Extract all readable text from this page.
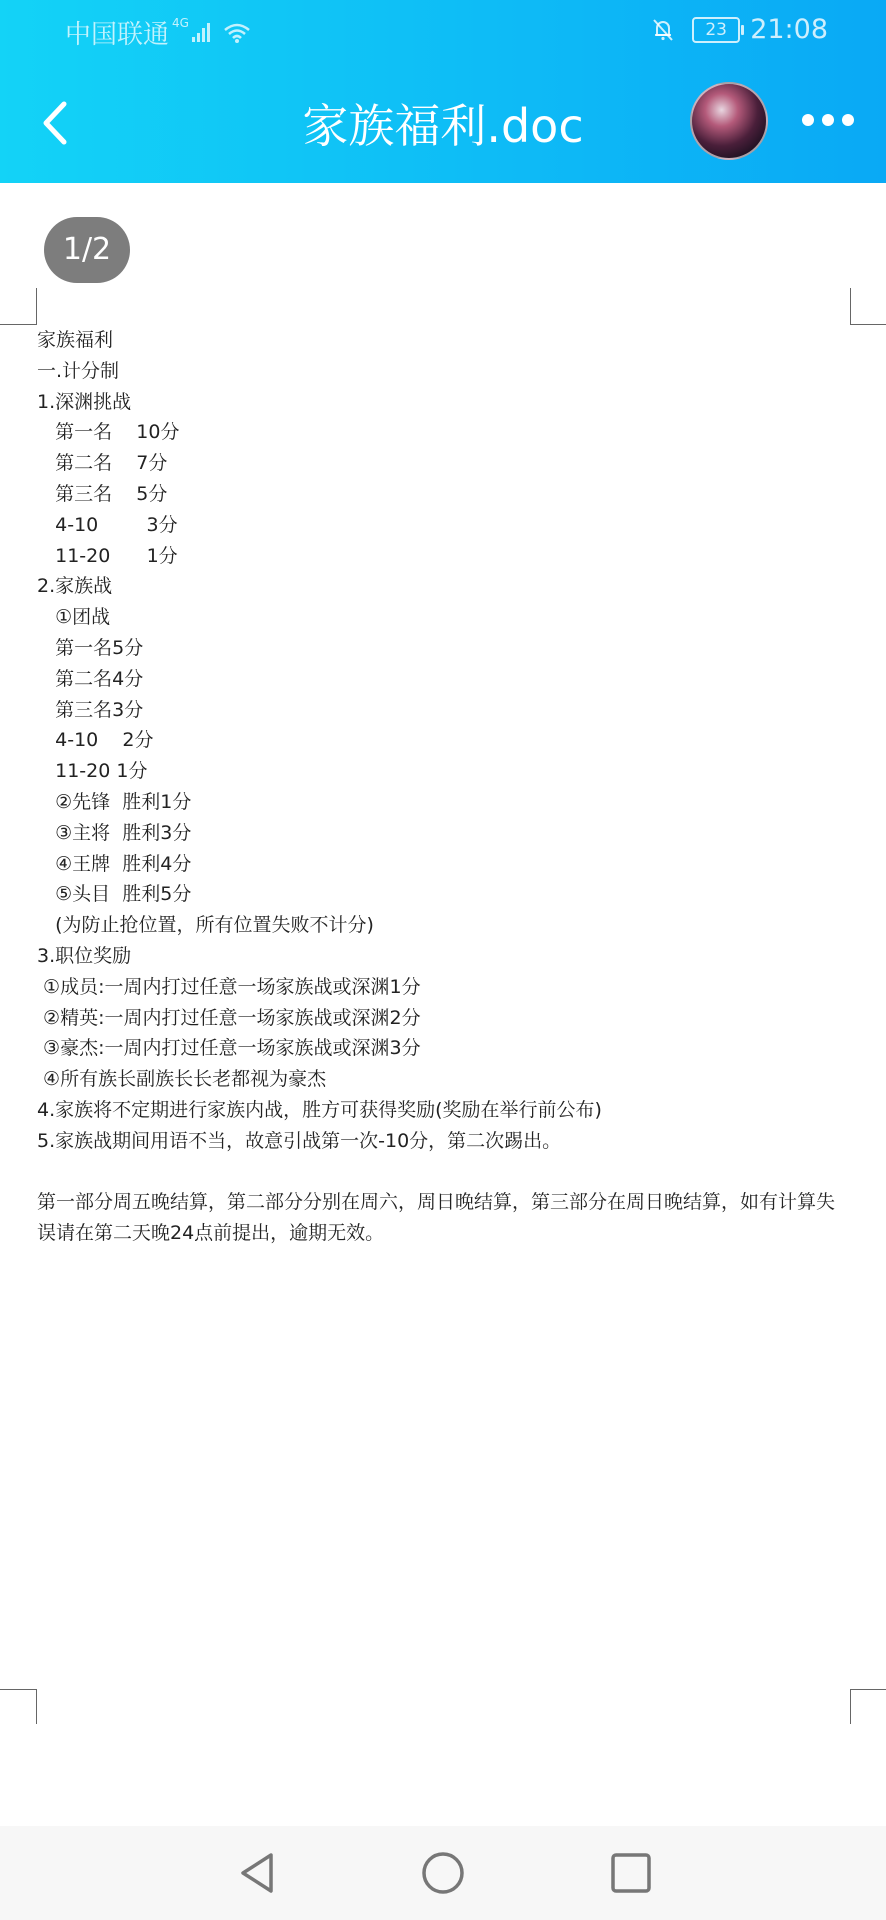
中国联通 4G	23 21:08
家族福利.doc
1/2
家族福利
一.计分制
1.深渊挑战
第一名    10分
第二名    7分
第三名    5分
4-10        3分
11-20      1分
2.家族战
①团战
第一名5分
第二名4分
第三名3分
4-10    2分
11-20 1分
②先锋  胜利1分
③主将  胜利3分
④王牌  胜利4分
⑤头目  胜利5分
(为防止抢位置，所有位置失败不计分)
3.职位奖励
①成员:一周内打过任意一场家族战或深渊1分
②精英:一周内打过任意一场家族战或深渊2分
③豪杰:一周内打过任意一场家族战或深渊3分
④所有族长副族长长老都视为豪杰
4.家族将不定期进行家族内战，胜方可获得奖励(奖励在举行前公布)
5.家族战期间用语不当，故意引战第一次-10分，第二次踢出。
第一部分周五晚结算，第二部分分别在周六，周日晚结算，第三部分在周日晚结算，如有计算失误请在第二天晚24点前提出，逾期无效。
